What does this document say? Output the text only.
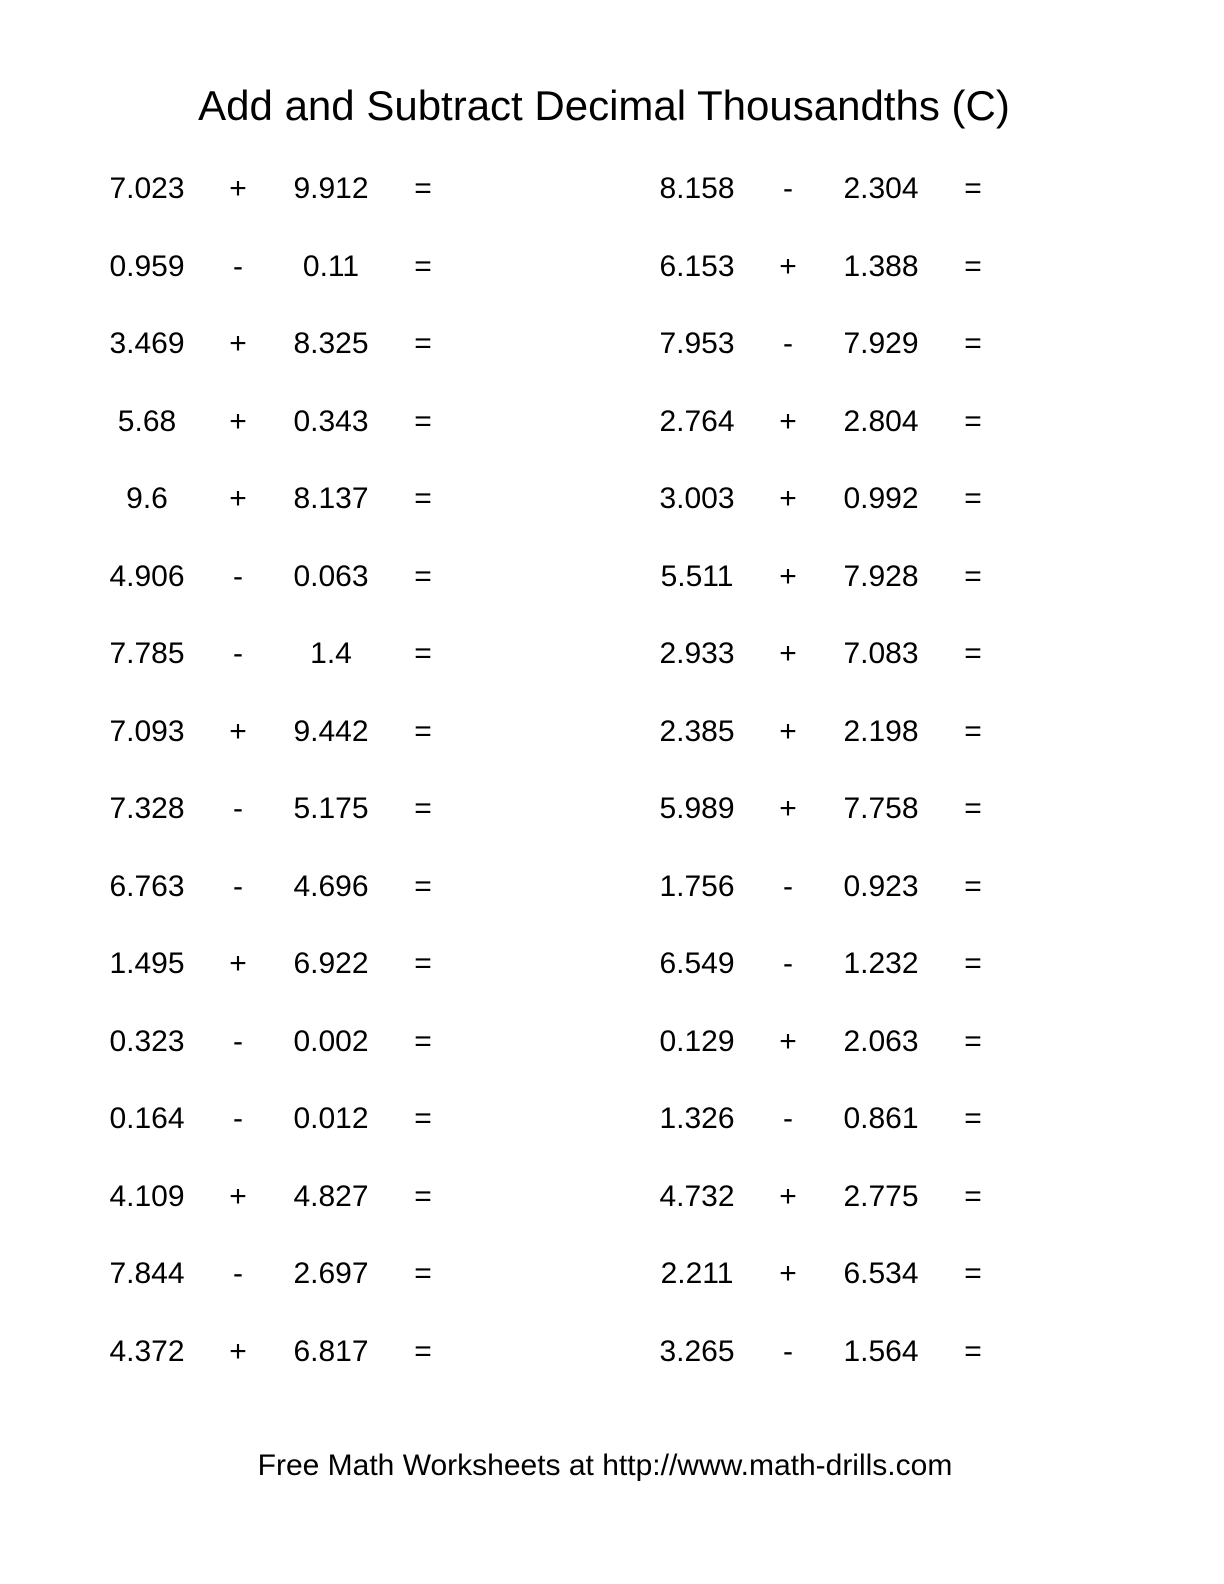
Add and Subtract Decimal Thousandths (C)
7.023	+	9.912	=
0.959	-	0.11	=
3.469	+	8.325	=
5.68	+	0.343	=
9.6	+	8.137	=
4.906	-	0.063	=
7.785	-	1.4	=
7.093	+	9.442	=
7.328	-	5.175	=
6.763	-	4.696	=
1.495	+	6.922	=
0.323	-	0.002	=
0.164	-	0.012	=
4.109	+	4.827	=
7.844	-	2.697	=
4.372	+	6.817	=
8.158	-	2.304	=
6.153	+	1.388	=
7.953	-	7.929	=
2.764	+	2.804	=
3.003	+	0.992	=
5.511	+	7.928	=
2.933	+	7.083	=
2.385	+	2.198	=
5.989	+	7.758	=
1.756	-	0.923	=
6.549	-	1.232	=
0.129	+	2.063	=
1.326	-	0.861	=
4.732	+	2.775	=
2.211	+	6.534	=
3.265	-	1.564	=
Free Math Worksheets at http://www.math-drills.com
